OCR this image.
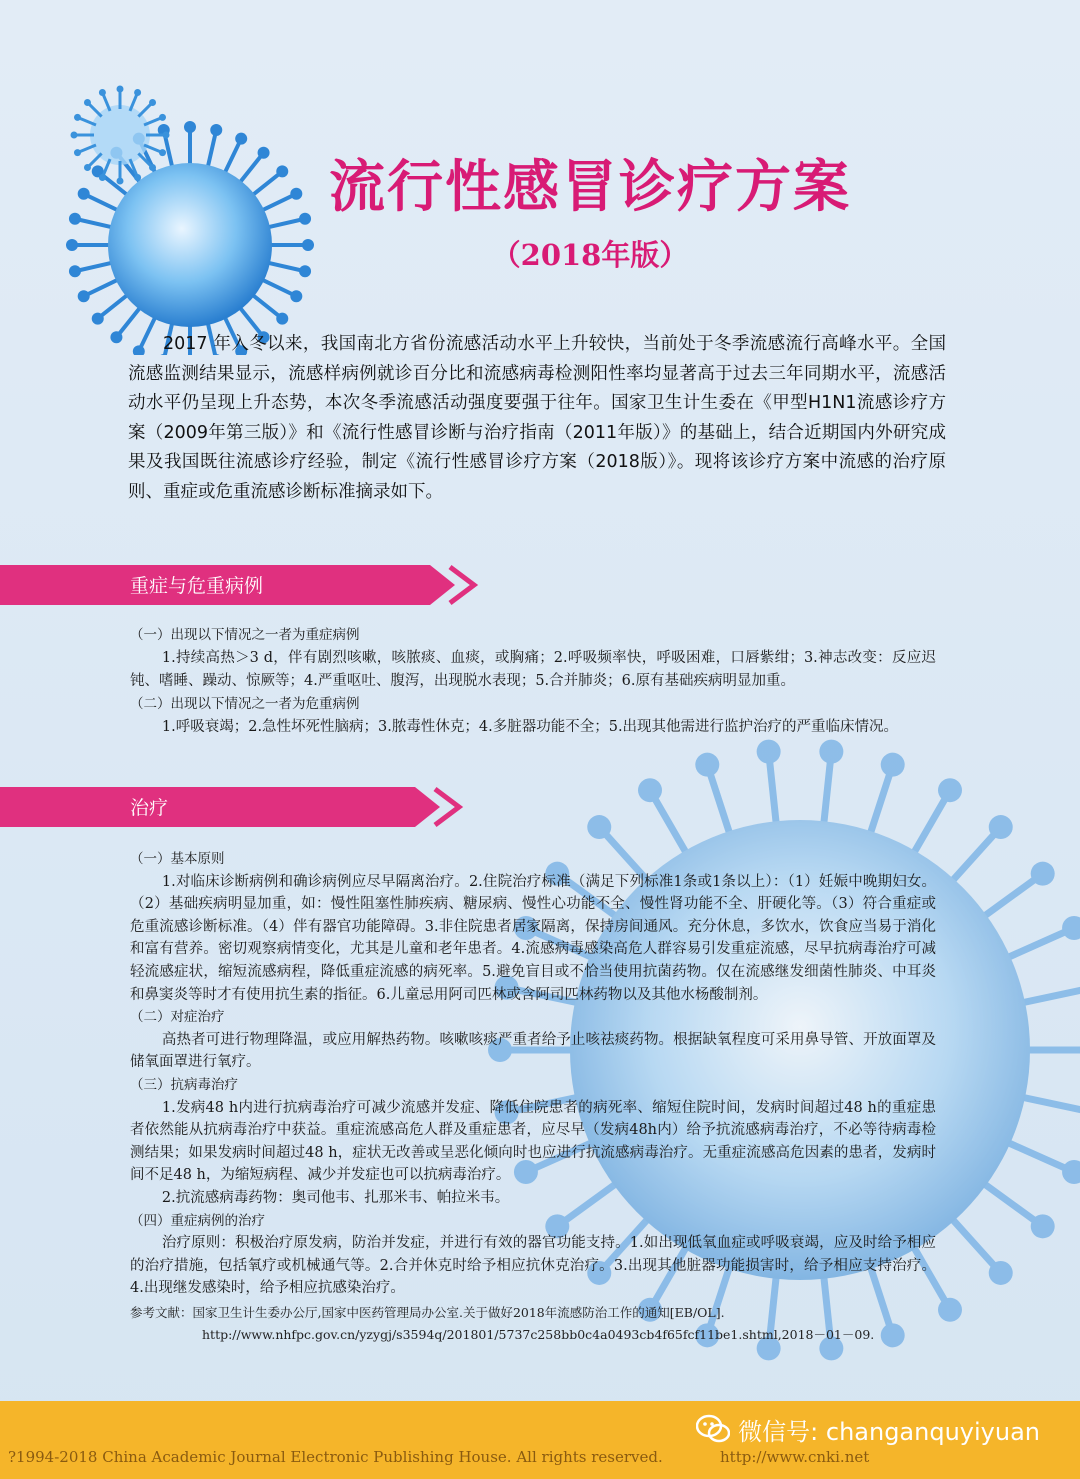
流行性感冒诊疗方案
（2018年版）
2017 年入冬以来，我国南北方省份流感活动水平上升较快，当前处于冬季流感流行高峰水平。全国流感监测结果显示，流感样病例就诊百分比和流感病毒检测阳性率均显著高于过去三年同期水平，流感活动水平仍呈现上升态势，本次冬季流感活动强度要强于往年。国家卫生计生委在《甲型H1N1流感诊疗方案（2009年第三版）》和《流行性感冒诊断与治疗指南（2011年版）》的基础上，结合近期国内外研究成果及我国既往流感诊疗经验，制定《流行性感冒诊疗方案（2018版）》。现将该诊疗方案中流感的治疗原则、重症或危重流感诊断标准摘录如下。
重症与危重病例
（一）出现以下情况之一者为重症病例
1.持续高热＞3 d，伴有剧烈咳嗽，咳脓痰、血痰，或胸痛；2.呼吸频率快，呼吸困难，口唇紫绀；3.神志改变：反应迟钝、嗜睡、躁动、惊厥等；4.严重呕吐、腹泻，出现脱水表现；5.合并肺炎；6.原有基础疾病明显加重。
（二）出现以下情况之一者为危重病例
1.呼吸衰竭；2.急性坏死性脑病；3.脓毒性休克；4.多脏器功能不全；5.出现其他需进行监护治疗的严重临床情况。
治疗
（一）基本原则
1.对临床诊断病例和确诊病例应尽早隔离治疗。2.住院治疗标准（满足下列标准1条或1条以上）：（1）妊娠中晚期妇女。（2）基础疾病明显加重，如：慢性阻塞性肺疾病、糖尿病、慢性心功能不全、慢性肾功能不全、肝硬化等。（3）符合重症或危重流感诊断标准。（4）伴有器官功能障碍。3.非住院患者居家隔离，保持房间通风。充分休息，多饮水，饮食应当易于消化和富有营养。密切观察病情变化，尤其是儿童和老年患者。4.流感病毒感染高危人群容易引发重症流感，尽早抗病毒治疗可减轻流感症状，缩短流感病程，降低重症流感的病死率。5.避免盲目或不恰当使用抗菌药物。仅在流感继发细菌性肺炎、中耳炎和鼻窦炎等时才有使用抗生素的指征。6.儿童忌用阿司匹林或含阿司匹林药物以及其他水杨酸制剂。
（二）对症治疗
高热者可进行物理降温，或应用解热药物。咳嗽咳痰严重者给予止咳祛痰药物。根据缺氧程度可采用鼻导管、开放面罩及储氧面罩进行氧疗。
（三）抗病毒治疗
1.发病48 h内进行抗病毒治疗可减少流感并发症、降低住院患者的病死率、缩短住院时间，发病时间超过48 h的重症患者依然能从抗病毒治疗中获益。重症流感高危人群及重症患者，应尽早（发病48h内）给予抗流感病毒治疗，不必等待病毒检测结果；如果发病时间超过48 h，症状无改善或呈恶化倾向时也应进行抗流感病毒治疗。无重症流感高危因素的患者，发病时间不足48 h，为缩短病程、减少并发症也可以抗病毒治疗。
2.抗流感病毒药物：奥司他韦、扎那米韦、帕拉米韦。
（四）重症病例的治疗
治疗原则：积极治疗原发病，防治并发症，并进行有效的器官功能支持。1.如出现低氧血症或呼吸衰竭，应及时给予相应的治疗措施，包括氧疗或机械通气等。2.合并休克时给予相应抗休克治疗。3.出现其他脏器功能损害时，给予相应支持治疗。4.出现继发感染时，给予相应抗感染治疗。
参考文献：国家卫生计生委办公厅,国家中医药管理局办公室.关于做好2018年流感防治工作的通知[EB/OL].
http://www.nhfpc.gov.cn/yzygj/s3594q/201801/5737c258bb0c4a0493cb4f65fcf11be1.shtml,2018－01－09.
微信号: changanquyiyuan
?1994-2018 China Academic Journal Electronic Publishing House. All rights reserved.	http://www.cnki.net
